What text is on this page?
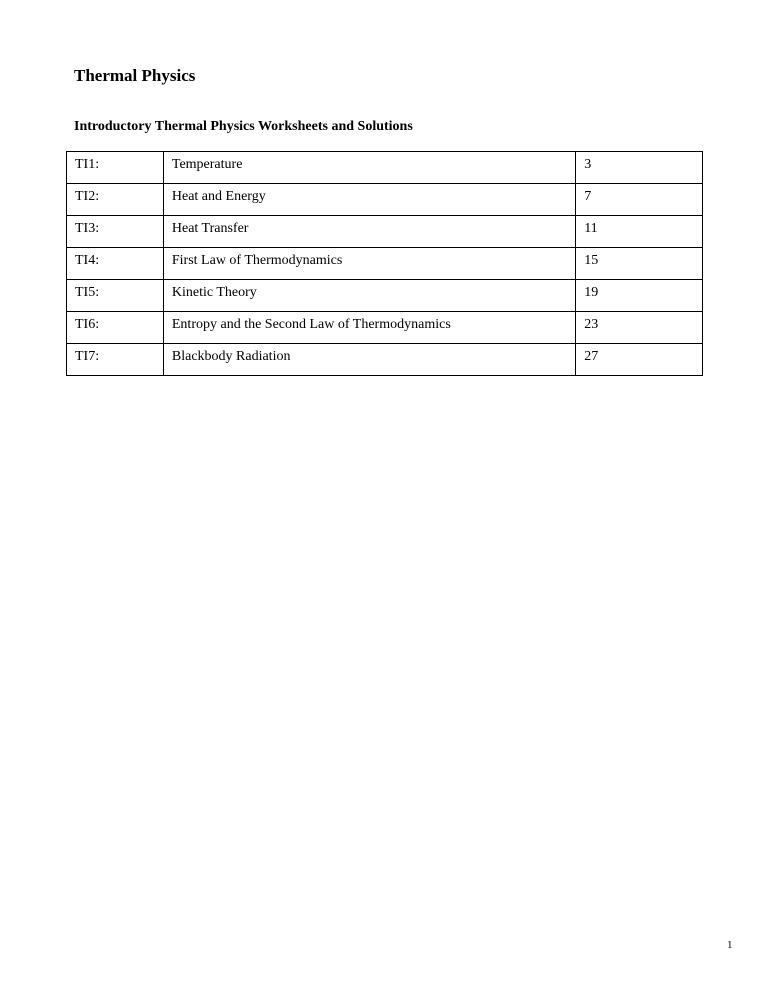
Thermal Physics
Introductory Thermal Physics Worksheets and Solutions
TI1:	Temperature	3
TI2:	Heat and Energy	7
TI3:	Heat Transfer	11
TI4:	First Law of Thermodynamics	15
TI5:	Kinetic Theory	19
TI6:	Entropy and the Second Law of Thermodynamics	23
TI7:	Blackbody Radiation	27
1
